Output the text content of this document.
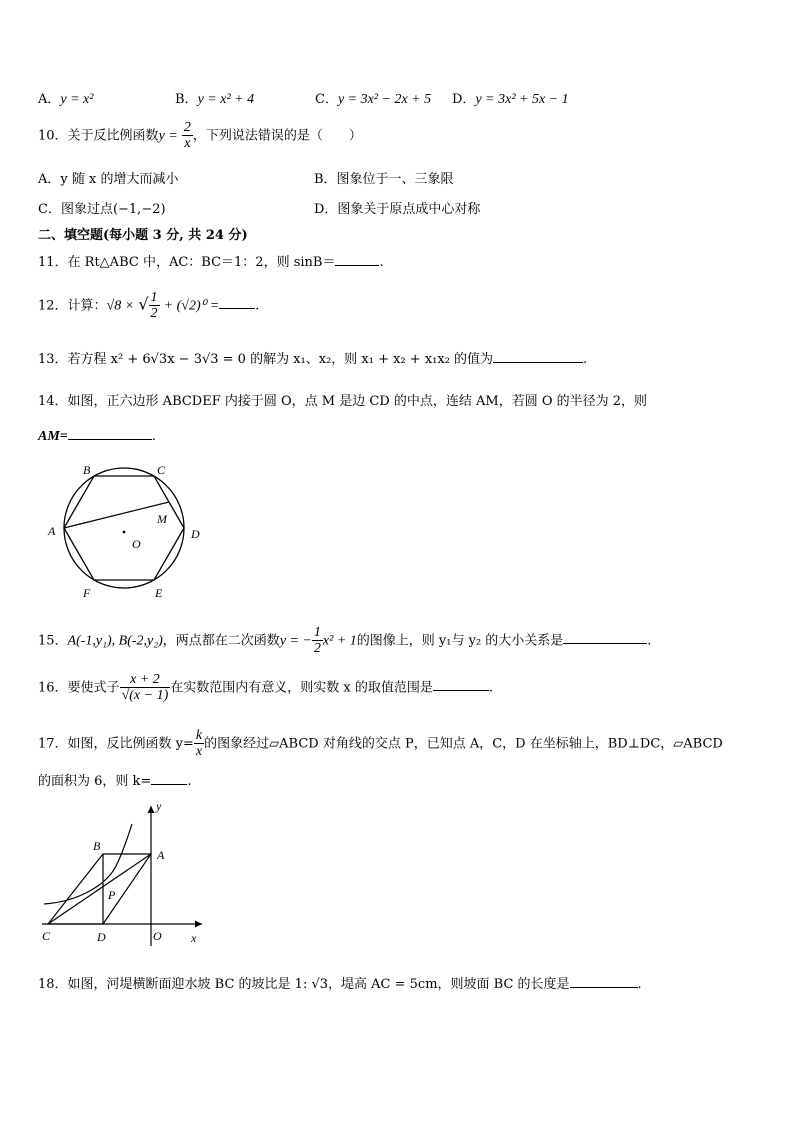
A．y = x²	B．y = x² + 4	C．y = 3x² − 2x + 5 D．y = 3x² + 5x − 1
10．关于反比例函数$y = \frac{2}{x}$ ，下列说法错误的是（　　）
A．y 随 x 的增大而减小	B．图象位于一、三象限
C．图象过点(−1,−2)	D．图象关于原点成中心对称
二、填空题(每小题 3 分, 共 24 分)
11．在 Rt△ABC 中，AC：BC＝1：2，则 sinB＝	.
12．计算：√8 × √ $\frac{1}{2} + (√2)^0$ =	.
13．若方程 x² + 6√3x − 3√3 = 0 的解为 x₁、x₂，则 x₁ + x₂ + x₁x₂ 的值为	.
14．如图，正六边形 ABCDEF 内接于圆 O，点 M 是边 CD 的中点，连结 AM，若圆 O 的半径为 2，则
AM=	.
B	C
A	D
M
O
F	E
15．A(-1,y₁), B(-2,y₂)，两点都在二次函数y = − $\frac{1}{2} x^2 + 1$的图像上，则 y₁与 y₂ 的大小关系是	.
16．要使式子 $\frac{x + 2}{√(x - 1)}$ 在实数范围内有意义，则实数 x 的取值范围是	.
17．如图，反比例函数 $y= \frac{k}{x}$ 的图象经过▱ABCD 对角线的交点 P，已知点 A，C，D 在坐标轴上，BD⊥DC，▱ABCD
的面积为 6，则 k=	.
y
x
B
A
P
C	D	O
18．如图，河堤横断面迎水坡 BC 的坡比是 1: √3，堤高 AC = 5cm，则坡面 BC 的长度是	.
